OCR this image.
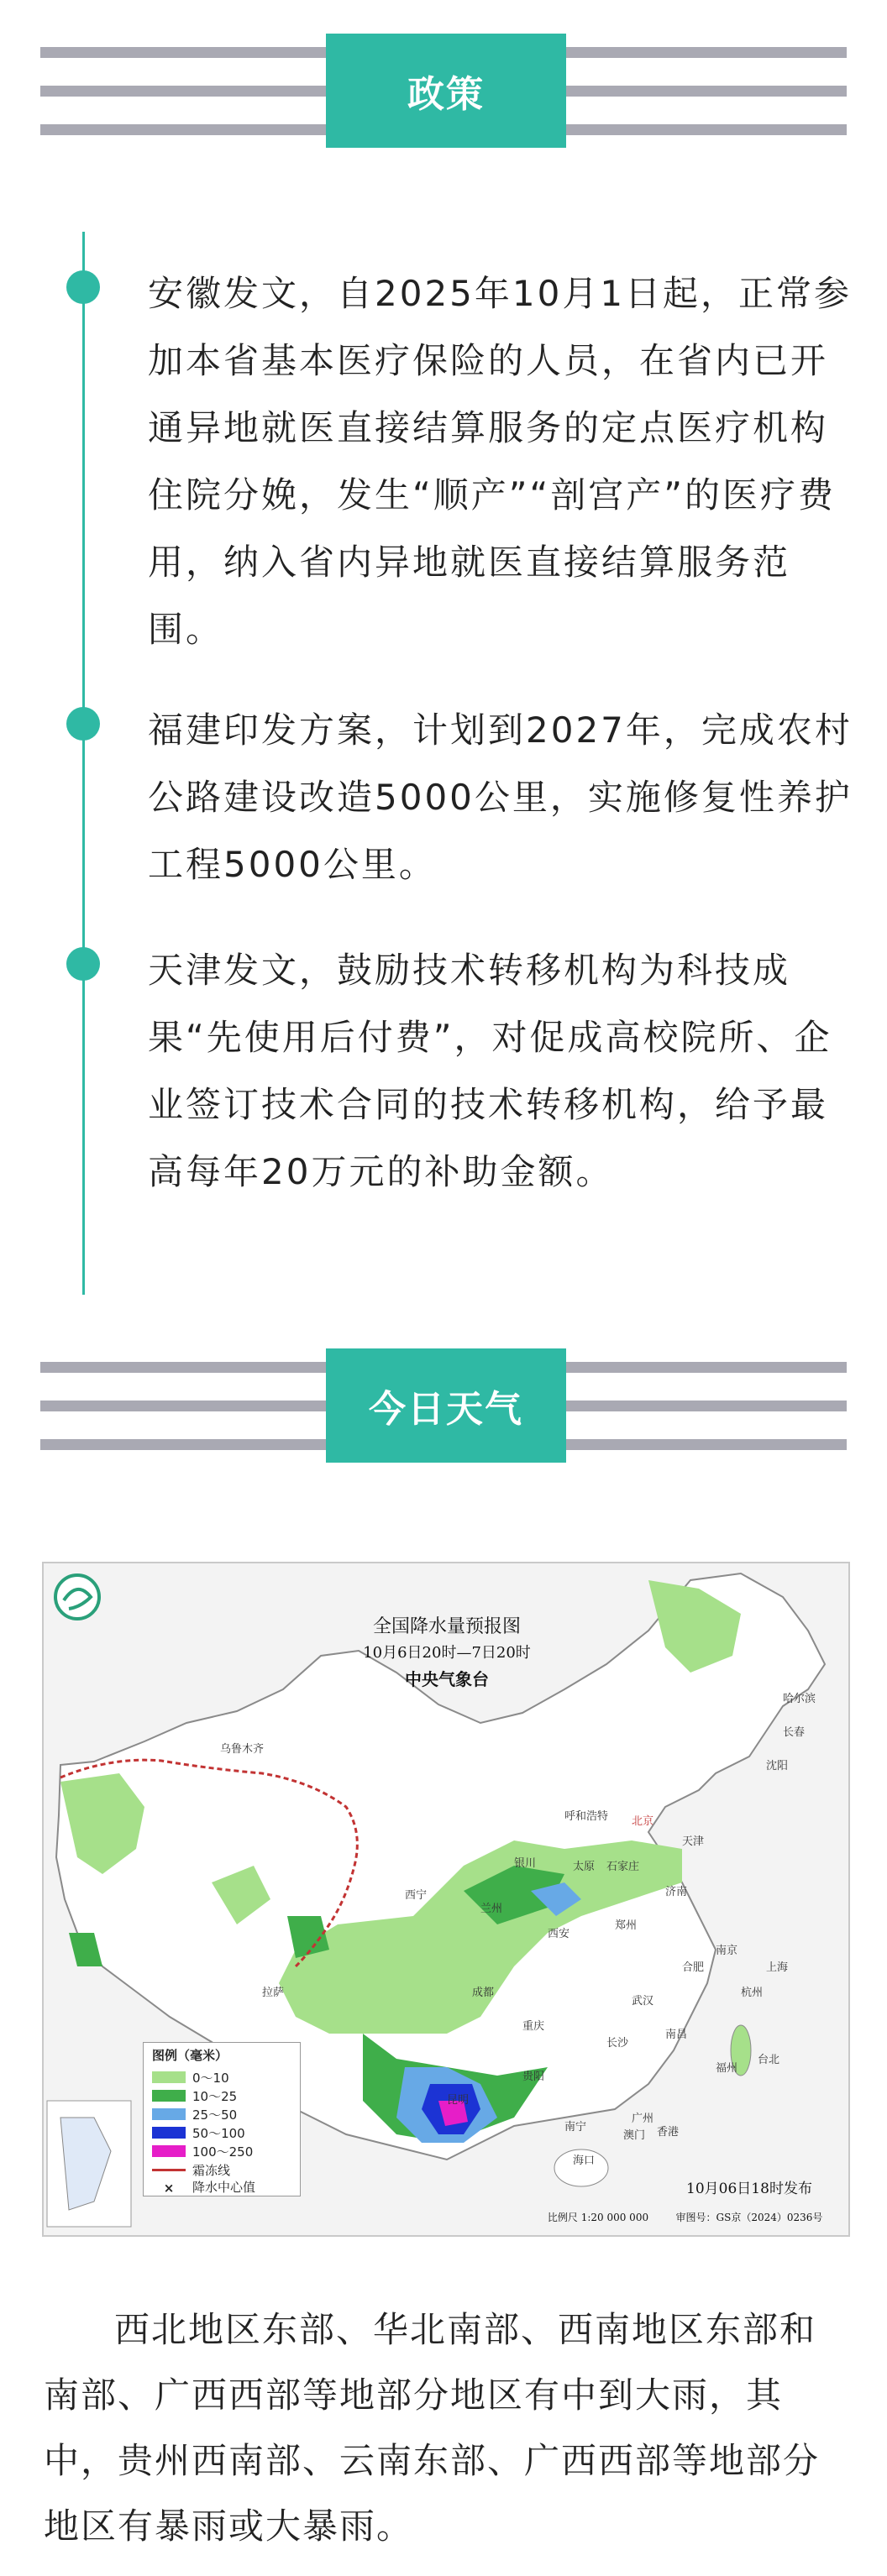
政策

安徽发文，自2025年10月1日起，正常参加本省基本医疗保险的人员，在省内已开通异地就医直接结算服务的定点医疗机构住院分娩，发生“顺产”“剖宫产”的医疗费用，纳入省内异地就医直接结算服务范围。

福建印发方案，计划到2027年，完成农村公路建设改造5000公里，实施修复性养护工程5000公里。

天津发文，鼓励技术转移机构为科技成果“先使用后付费”，对促成高校院所、企业签订技术合同的技术转移机构，给予最高每年20万元的补助金额。

今日天气
全国降水量预报图
10月6日20时—7日20时
中央气象台
图例（毫米）
0～10
10～25
25～50
50～100
100～250
霜冻线
×	降水中心值	10月06日18时发布
比例尺 1:20 000 000	审图号：GS京（2024）0236号
北京
天津
石家庄
太原
呼和浩特
济南
郑州
西安
兰州
银川
西宁
成都
重庆
武汉
合肥
南京
上海
杭州
长沙
南昌
福州
贵阳
昆明
南宁
广州
香港
海口
台北
沈阳
长春
哈尔滨
乌鲁木齐
拉萨
澳门

西北地区东部、华北南部、西南地区东部和南部、广西西部等地部分地区有中到大雨，其中，贵州西南部、云南东部、广西西部等地部分地区有暴雨或大暴雨。
